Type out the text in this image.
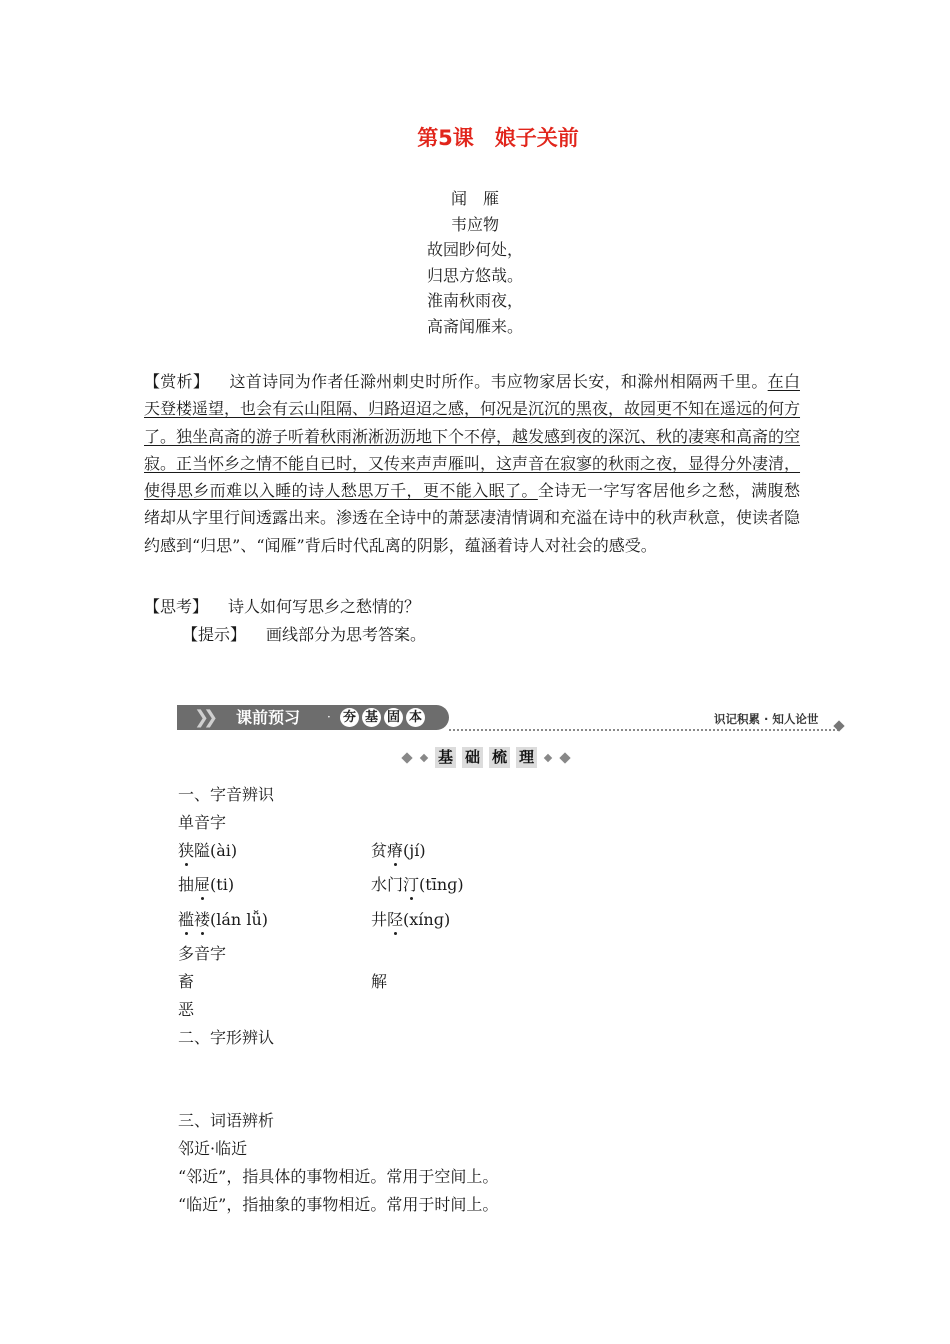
第5课　娘子关前
闻　雁
韦应物
故园眇何处，
归思方悠哉。
淮南秋雨夜，
高斋闻雁来。
【赏析】 这首诗同为作者任滁州刺史时所作。韦应物家居长安，和滁州相隔两千里。在白天登楼遥望，也会有云山阻隔、归路迢迢之感，何况是沉沉的黑夜，故园更不知在遥远的何方了。独坐高斋的游子听着秋雨淅淅沥沥地下个不停，越发感到夜的深沉、秋的凄寒和高斋的空寂。正当怀乡之情不能自已时，又传来声声雁叫，这声音在寂寥的秋雨之夜，显得分外凄清，使得思乡而难以入睡的诗人愁思万千，更不能入眠了。全诗无一字写客居他乡之愁，满腹愁绪却从字里行间透露出来。渗透在全诗中的萧瑟凄清情调和充溢在诗中的秋声秋意，使读者隐约感到“归思”、“闻雁”背后时代乱离的阴影，蕴涵着诗人对社会的感受。
【思考】 诗人如何写思乡之愁情的？
【提示】 画线部分为思考答案。
❯❯ 课前预习 · 夯 基 固 本	识记积累 · 知人论世
基 础 梳 理
一、字音辨识
单音字
狭隘(ài)	贫瘠(jí)
抽屉(ti)	水门汀(tīnɡ)
褴褛(lán lǚ)	井陉(xínɡ)
多音字
畜	解
恶
二、字形辨认
三、词语辨析
邻近·临近
“邻近”，指具体的事物相近。常用于空间上。
“临近”，指抽象的事物相近。常用于时间上。
